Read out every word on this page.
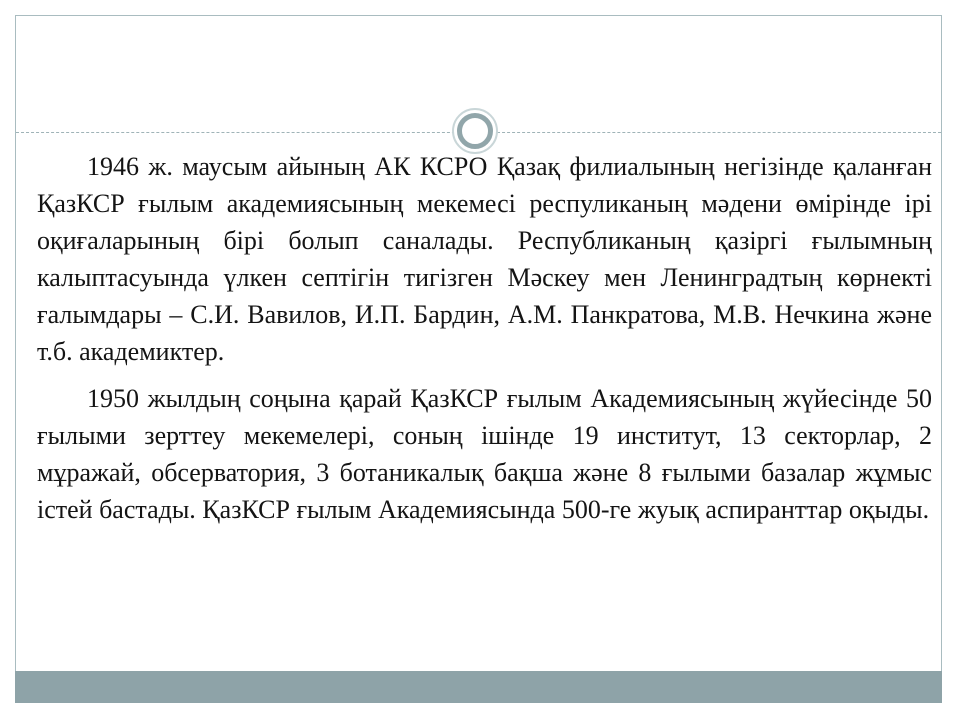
1946 ж. маусым айының АК КСРО Қазақ филиалының негізінде қаланған ҚазКСР ғылым академиясының мекемесі респуликаның мәдени өмірінде ірі оқиғаларының бірі болып саналады. Республиканың қазіргі ғылымның калыптасуында үлкен септігін тигізген Мәскеу мен Ленинградтың көрнекті ғалымдары – С.И. Вавилов, И.П. Бардин, А.М. Панкратова, М.В. Нечкина және т.б. академиктер.

1950 жылдың соңына қарай ҚазКСР ғылым Академиясының жүйесінде 50 ғылыми зерттеу мекемелері, соның ішінде 19 институт, 13 секторлар, 2 мұражай, обсерватория, 3 ботаникалық бақша және 8 ғылыми базалар жұмыс істей бастады. ҚазКСР ғылым Академиясында 500-ге жуық аспиранттар оқыды.
